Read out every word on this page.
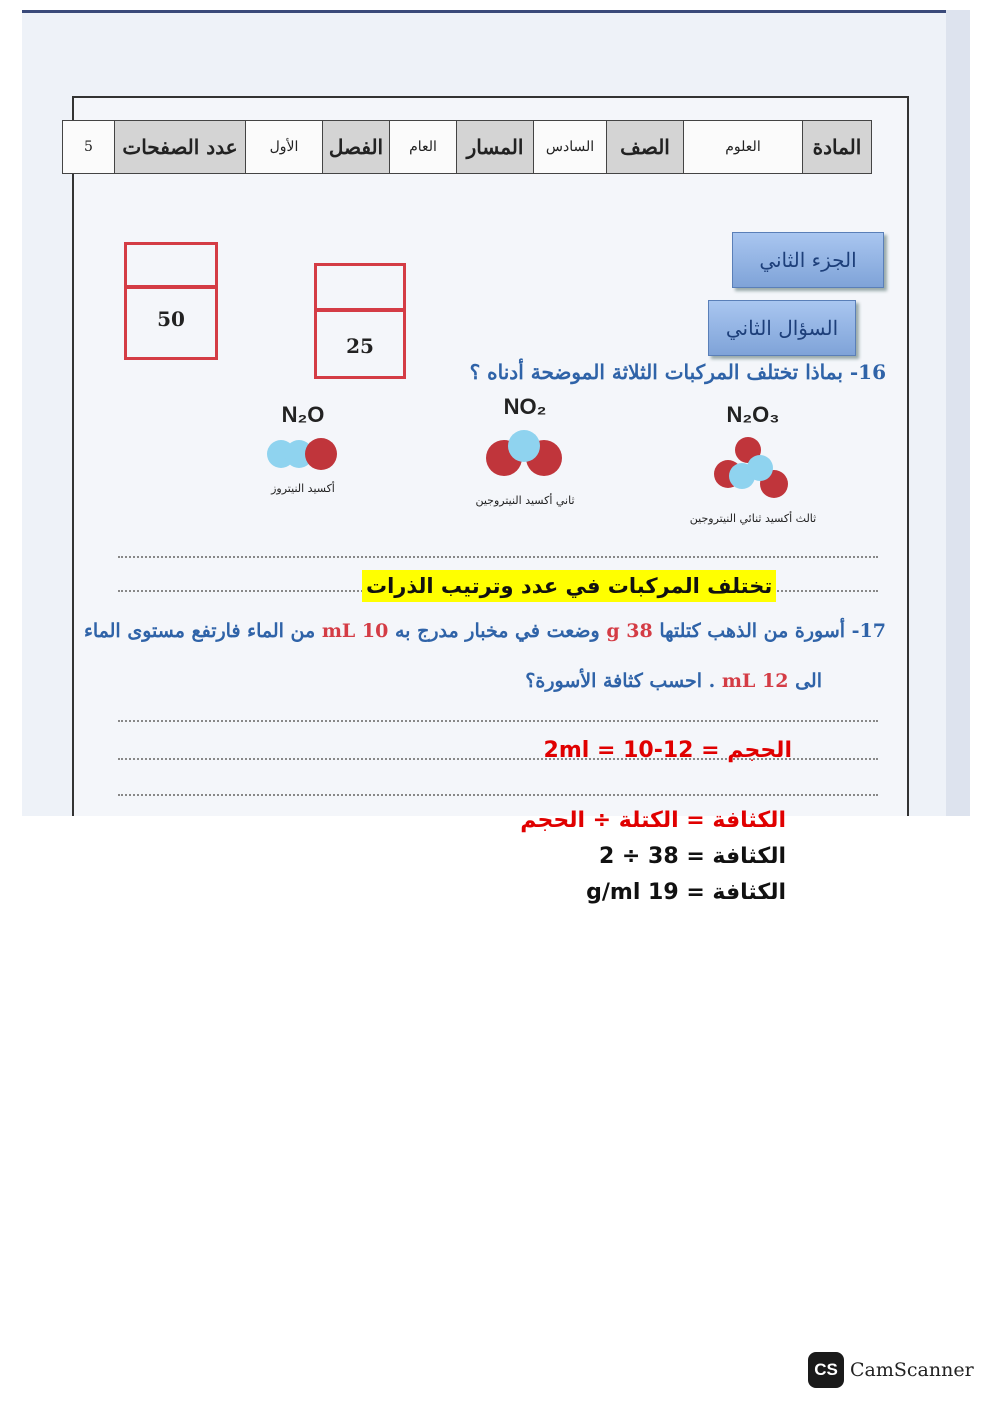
المادة
العلوم
الصف
السادس
المسار
العام
الفصل
الأول
عدد الصفحات
5
الجزء الثاني
السؤال الثاني
50
25
16- بماذا تختلف المركبات الثلاثة الموضحة أدناه ؟
N₂O₃
ثالث أكسيد ثنائي النيتروجين
NO₂
ثاني أكسيد النيتروجين
N₂O
أكسيد النيتروز
تختلف المركبات في عدد وترتيب الذرات
17- أسورة من الذهب كتلتها 38 g وضعت في مخبار مدرج به 10 mL من الماء فارتفع مستوى الماء
الى 12 mL . احسب كثافة الأسورة؟
الحجم = 12-10 = 2ml
الكثافة = الكتلة ÷ الحجم
الكثافة = 38 ÷ 2
الكثافة = 19 g/ml
CS CamScanner
